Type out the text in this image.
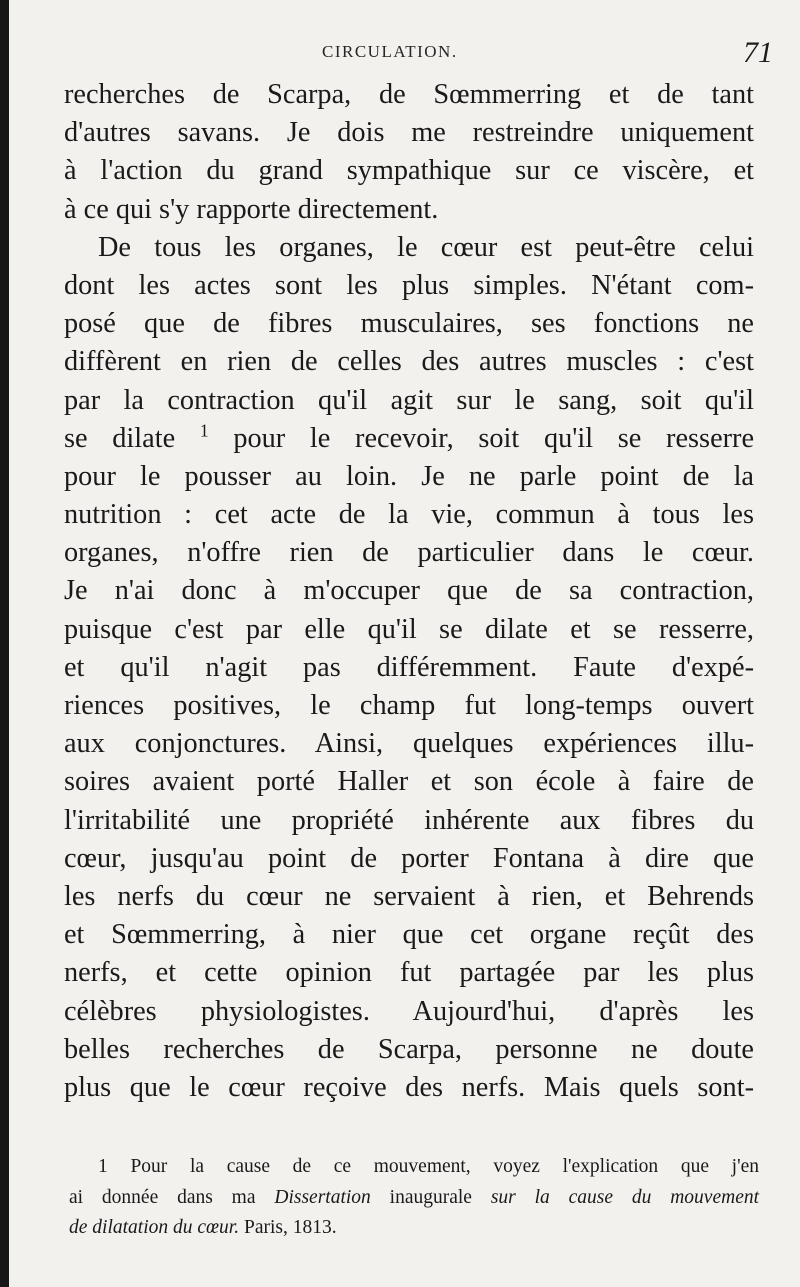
CIRCULATION.	71
recherches de Scarpa, de Sœmmerring et de tant
d'autres savans. Je dois me restreindre uniquement
à l'action du grand sympathique sur ce viscère, et
à ce qui s'y rapporte directement.
De tous les organes, le cœur est peut-être celui
dont les actes sont les plus simples. N'étant com-
posé que de fibres musculaires, ses fonctions ne
diffèrent en rien de celles des autres muscles : c'est
par la contraction qu'il agit sur le sang, soit qu'il
se dilate $^1$ pour le recevoir, soit qu'il se resserre
pour le pousser au loin. Je ne parle point de la
nutrition : cet acte de la vie, commun à tous les
organes, n'offre rien de particulier dans le cœur.
Je n'ai donc à m'occuper que de sa contraction,
puisque c'est par elle qu'il se dilate et se resserre,
et qu'il n'agit pas différemment. Faute d'expé-
riences positives, le champ fut long-temps ouvert
aux conjonctures. Ainsi, quelques expériences illu-
soires avaient porté Haller et son école à faire de
l'irritabilité une propriété inhérente aux fibres du
cœur, jusqu'au point de porter Fontana à dire que
les nerfs du cœur ne servaient à rien, et Behrends
et Sœmmerring, à nier que cet organe reçût des
nerfs, et cette opinion fut partagée par les plus
célèbres physiologistes. Aujourd'hui, d'après les
belles recherches de Scarpa, personne ne doute
plus que le cœur reçoive des nerfs. Mais quels sont-
1 Pour la cause de ce mouvement, voyez l'explication que j'en
ai donnée dans ma Dissertation inaugurale sur la cause du mouvement
de dilatation du cœur. Paris, 1813.
